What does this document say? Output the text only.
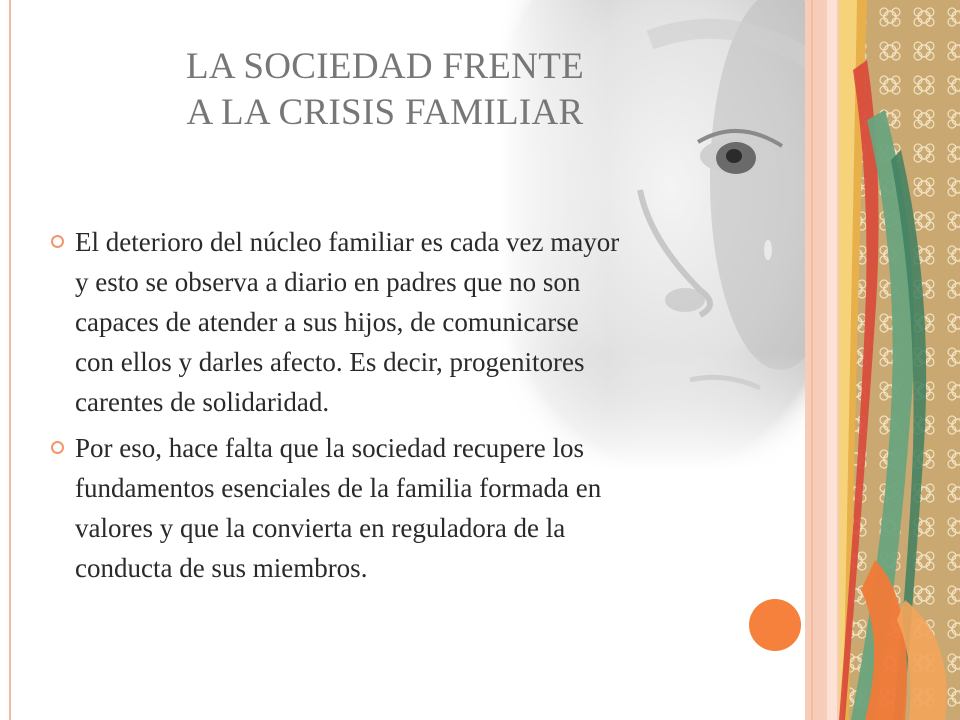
LA SOCIEDAD FRENTE
A LA CRISIS FAMILIAR
El deterioro del núcleo familiar es cada vez mayor
y esto se observa a diario en padres que no son
capaces de atender a sus hijos, de comunicarse
con ellos y darles afecto. Es decir, progenitores
carentes de solidaridad.
Por eso, hace falta que la sociedad recupere los
fundamentos esenciales de la familia formada en
valores y que la convierta en reguladora de la
conducta de sus miembros.
